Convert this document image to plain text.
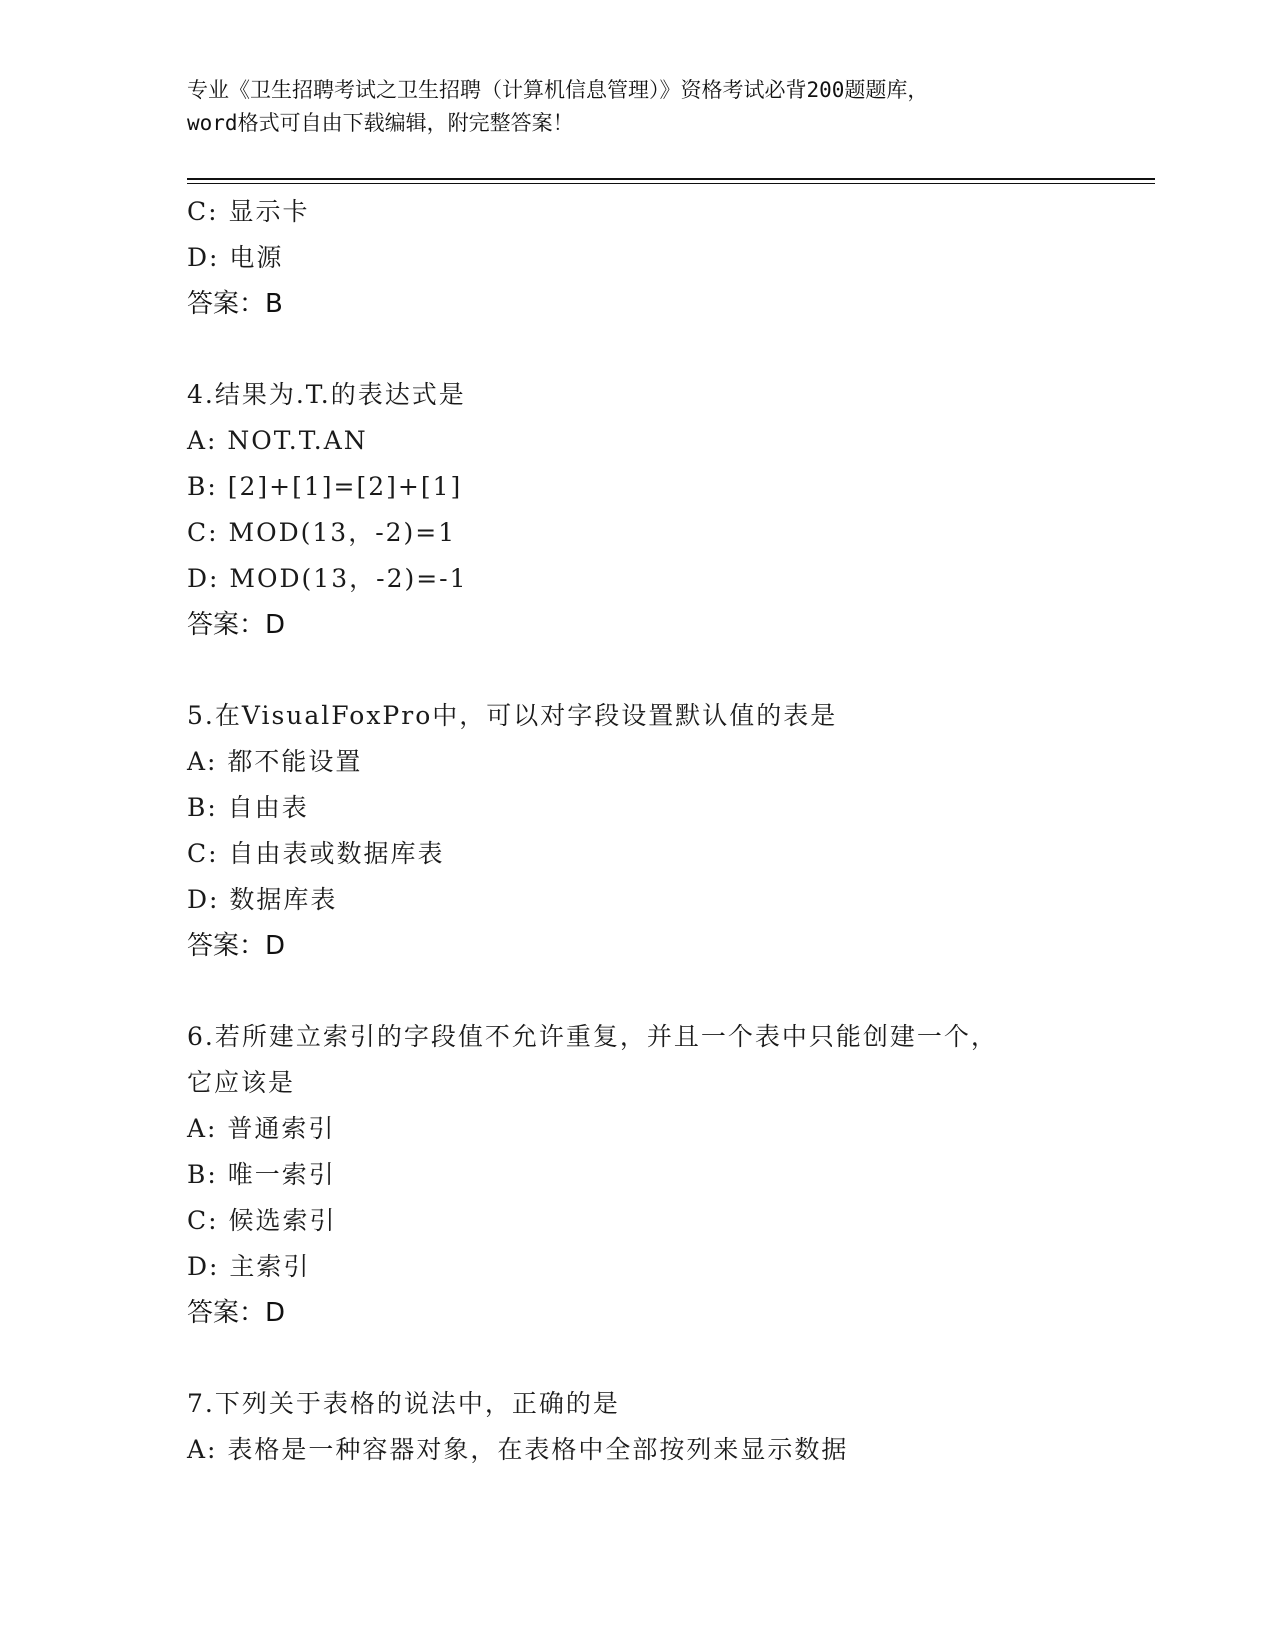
专业《卫生招聘考试之卫生招聘（计算机信息管理）》资格考试必背200题题库，
word格式可自由下载编辑，附完整答案！
C: 显示卡
D: 电源
答案：B
4.结果为.T.的表达式是
A: NOT.T.AN
B: [2]+[1]=[2]+[1]
C: MOD(13，-2)=1
D: MOD(13，-2)=-1
答案：D
5.在VisualFoxPro中，可以对字段设置默认值的表是
A: 都不能设置
B: 自由表
C: 自由表或数据库表
D: 数据库表
答案：D
6.若所建立索引的字段值不允许重复，并且一个表中只能创建一个，
它应该是
A: 普通索引
B: 唯一索引
C: 候选索引
D: 主索引
答案：D
7.下列关于表格的说法中，正确的是
A: 表格是一种容器对象，在表格中全部按列来显示数据
